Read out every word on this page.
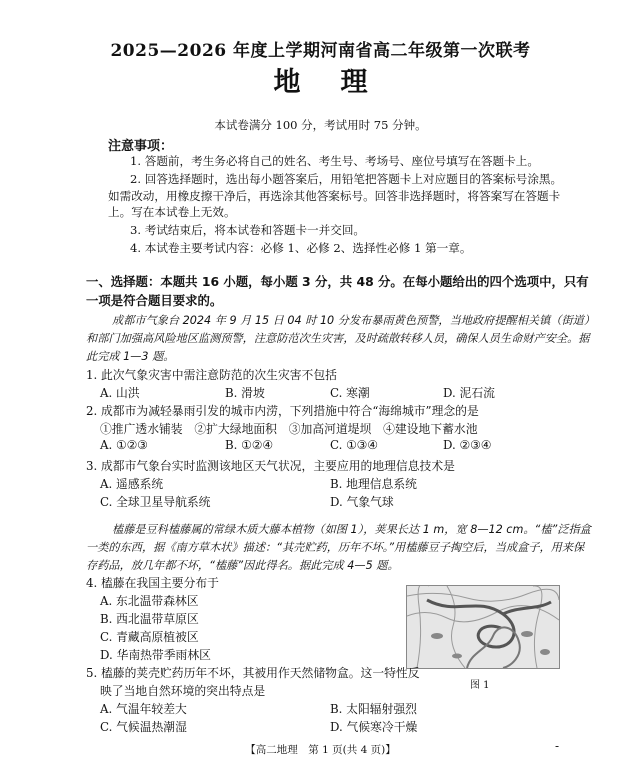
2025—2026 年度上学期河南省高二年级第一次联考
地理
本试卷满分 100 分，考试用时 75 分钟。
注意事项：
1. 答题前，考生务必将自己的姓名、考生号、考场号、座位号填写在答题卡上。
2. 回答选择题时，选出每小题答案后，用铅笔把答题卡上对应题目的答案标号涂黑。如需改动，用橡皮擦干净后，再选涂其他答案标号。回答非选择题时，将答案写在答题卡上。写在本试卷上无效。
3. 考试结束后，将本试卷和答题卡一并交回。
4. 本试卷主要考试内容：必修 1、必修 2、选择性必修 1 第一章。
一、选择题：本题共 16 小题，每小题 3 分，共 48 分。在每小题给出的四个选项中，只有一项是符合题目要求的。
成都市气象台 2024 年 9 月 15 日 04 时 10 分发布暴雨黄色预警，当地政府提醒相关镇（街道）和部门加强高风险地区监测预警，注意防范次生灾害，及时疏散转移人员，确保人员生命财产安全。据此完成 1—3 题。
1. 此次气象灾害中需注意防范的次生灾害不包括
A. 山洪	B. 滑坡	C. 寒潮	D. 泥石流
2. 成都市为减轻暴雨引发的城市内涝，下列措施中符合“海绵城市”理念的是
①推广透水铺装　②扩大绿地面积　③加高河道堤坝　④建设地下蓄水池
A. ①②③	B. ①②④	C. ①③④	D. ②③④
3. 成都市气象台实时监测该地区天气状况，主要应用的地理信息技术是
A. 遥感系统	B. 地理信息系统
C. 全球卫星导航系统	D. 气象气球
榼藤是豆科榼藤属的常绿木质大藤本植物（如图 1），荚果长达 1 m，宽 8—12 cm。“榼”泛指盒一类的东西，据《南方草木状》描述：“其壳贮药，历年不坏。”用榼藤豆子掏空后，当成盒子，用来保存药品，放几年都不坏，“榼藤”因此得名。据此完成 4—5 题。
4. 榼藤在我国主要分布于
A. 东北温带森林区
B. 西北温带草原区
C. 青藏高原植被区
D. 华南热带季雨林区
图 1
5. 榼藤的荚壳贮药历年不坏，其被用作天然储物盒。这一特性反
映了当地自然环境的突出特点是
A. 气温年较差大	B. 太阳辐射强烈
C. 气候温热潮湿	D. 气候寒冷干燥
【高二地理　第 1 页(共 4 页)】	-
